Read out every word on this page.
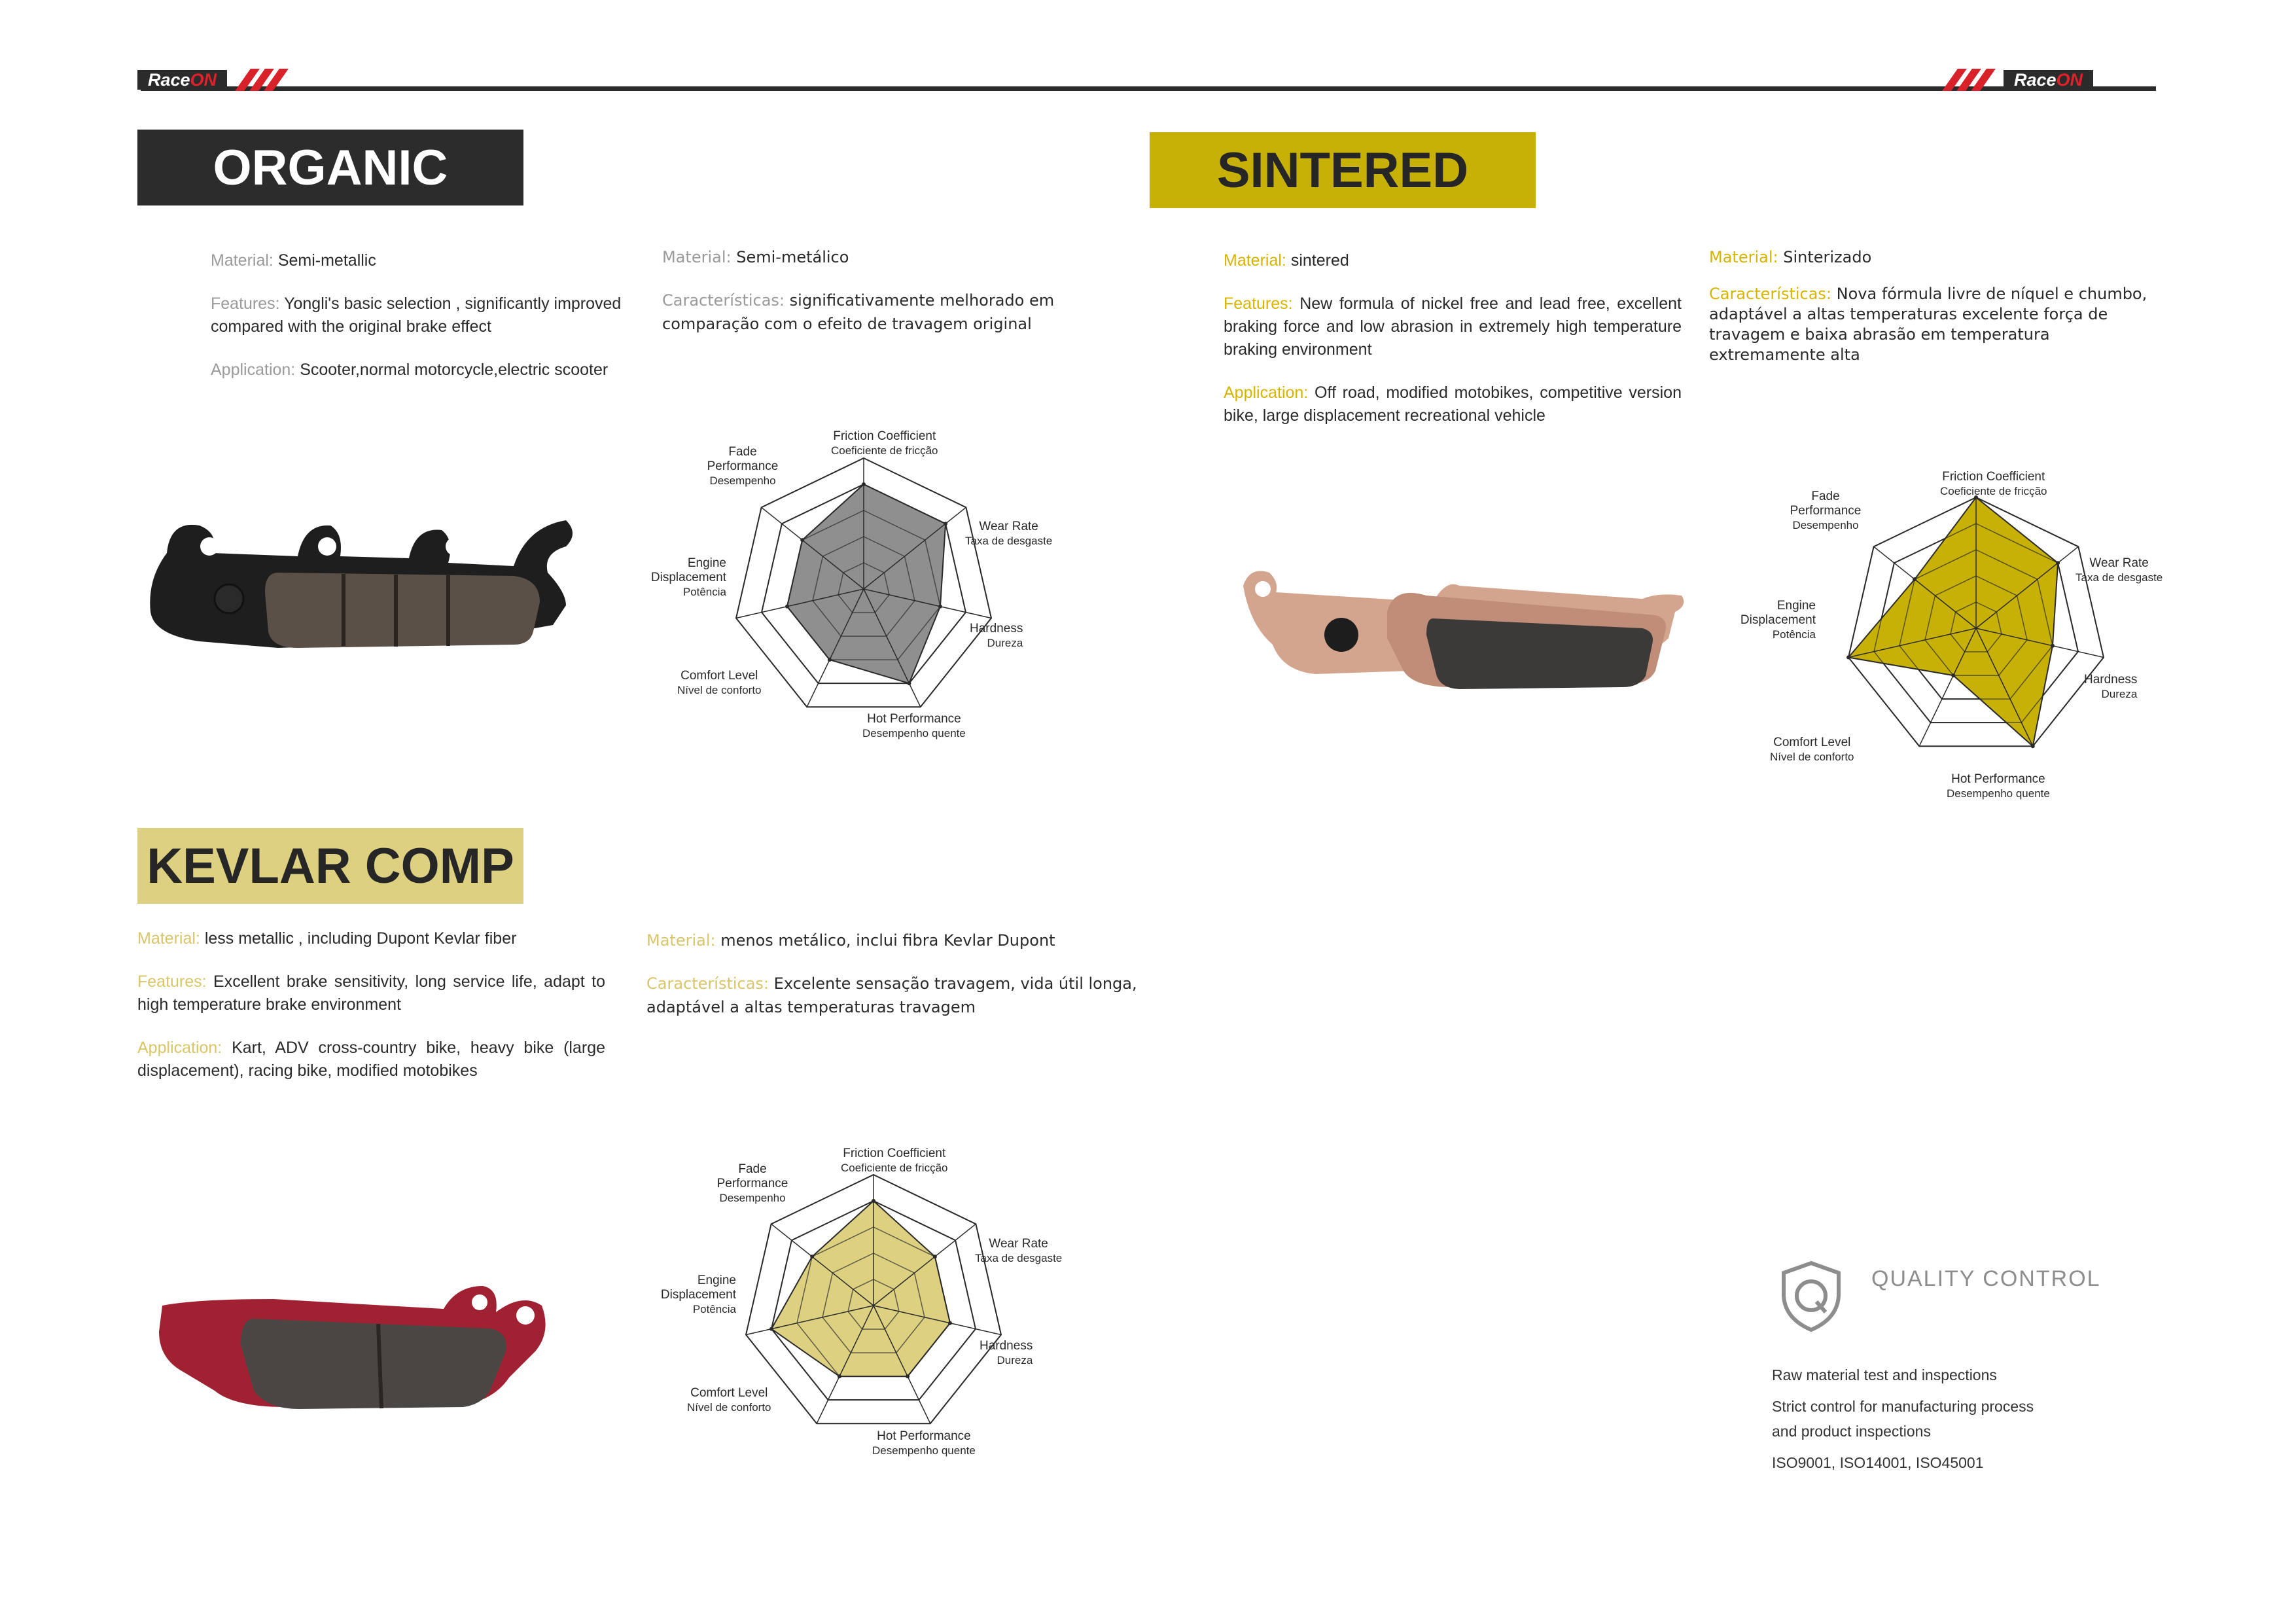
Race ON	Race ON
ORGANIC

Material: Semi-metallic

Features: Yongli's basic selection , significantly improved compared with the original brake effect

Application: Scooter,normal motorcycle,electric scooter

Material: Semi-metálico

Características: significativamente melhorado em comparação com o efeito de travagem original

Friction Coefficient
Coeficiente de fricção
Wear Rate
Taxa de desgaste
Hardness
Dureza
Hot Performance
Desempenho quente
Comfort Level
Nível de conforto
Engine Displacement
Potência
Fade Performance
Desempenho
SINTERED

Material: sintered

Features: New formula of nickel free and lead free, excellent braking force and low abrasion in extremely high temperature braking environment

Application: Off road, modified motobikes, competitive version bike, large displacement recreational vehicle

Material: Sinterizado

Características: Nova fórmula livre de níquel e chumbo, adaptável a altas temperaturas excelente força de travagem e baixa abrasão em temperatura extremamente alta

Friction Coefficient
Coeficiente de fricção
Wear Rate
Taxa de desgaste
Hardness
Dureza
Hot Performance
Desempenho quente
Comfort Level
Nível de conforto
Engine Displacement
Potência
Fade Performance
Desempenho
KEVLAR COMP

Material: less metallic , including Dupont Kevlar fiber

Features: Excellent brake sensitivity, long service life, adapt to high temperature brake environment

Application: Kart, ADV cross-country bike, heavy bike (large displacement), racing bike, modified motobikes

Material: menos metálico, inclui fibra Kevlar Dupont

Características: Excelente sensação travagem, vida útil longa, adaptável a altas temperaturas travagem

Friction Coefficient
Coeficiente de fricção
Wear Rate
Taxa de desgaste
Hardness
Dureza
Hot Performance
Desempenho quente
Comfort Level
Nível de conforto
Engine Displacement
Potência
Fade Performance
Desempenho
QUALITY CONTROL
Raw material test and inspections
Strict control for manufacturing process
and product inspections
ISO9001, ISO14001, ISO45001
